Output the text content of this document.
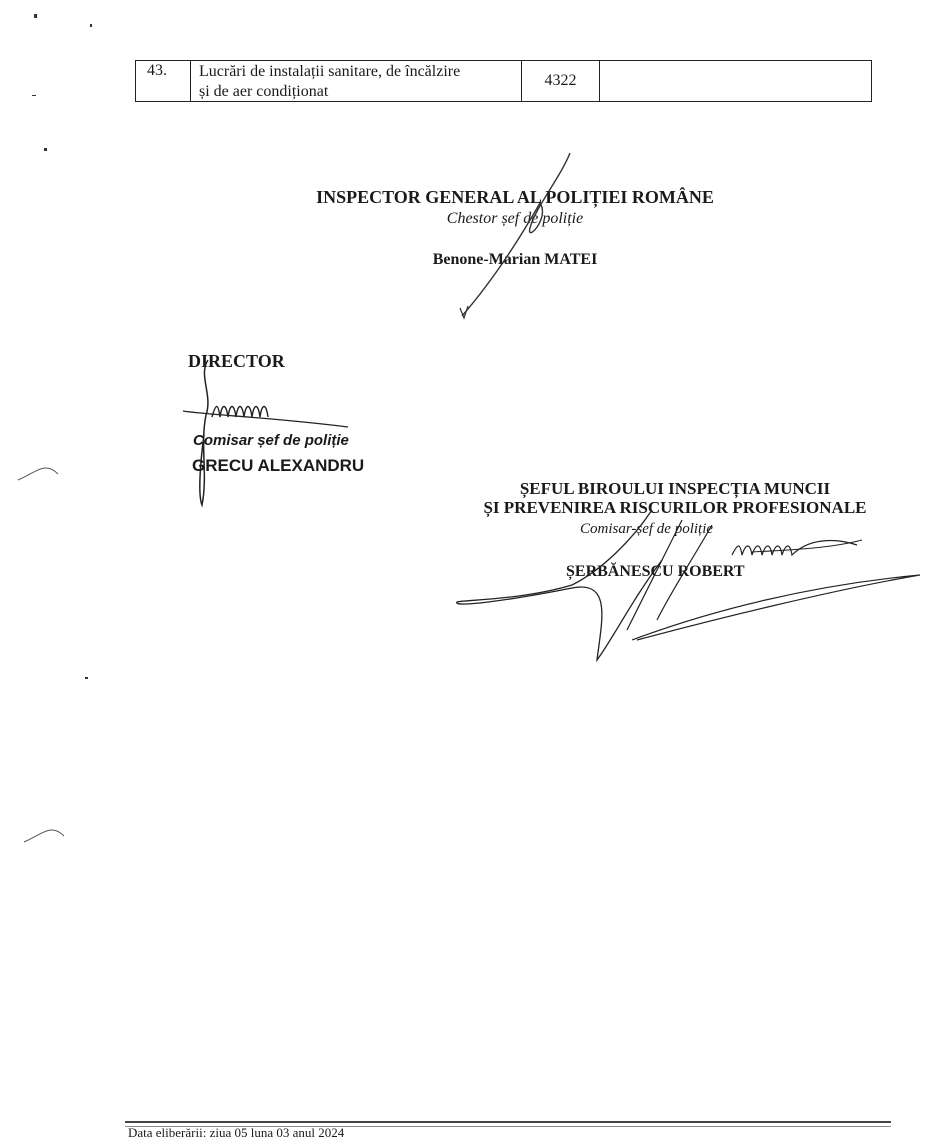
43.	Lucrări de instalații sanitare, de încălzire
și de aer condiționat
4322
INSPECTOR GENERAL AL POLIȚIEI ROMÂNE
Chestor șef de poliție
Benone-Marian MATEI
DIRECTOR
Comisar șef de poliție
GRECU ALEXANDRU
ȘEFUL BIROULUI INSPECȚIA MUNCII
ȘI PREVENIREA RISCURILOR PROFESIONALE
Comisar-șef de poliție
ȘERBĂNESCU ROBERT
Data eliberării: ziua 05 luna 03 anul 2024
